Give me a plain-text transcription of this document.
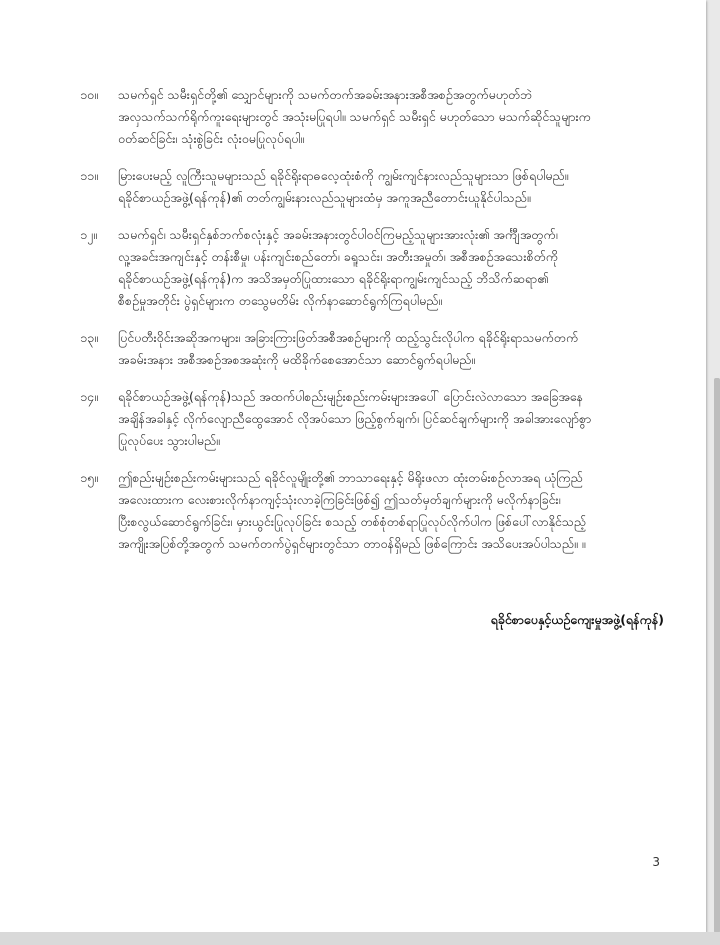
၁၀။	သမက်ရှင် သမီးရှင်တို့၏ သျှောင်များကို သမက်တက်အခမ်းအနားအစီအစဉ်အတွက်မဟုတ်ဘဲ
အလှသက်သက်ရိုက်ကူးရေးများတွင် အသုံးမပြုရပါ။ သမက်ရှင် သမီးရှင် မဟုတ်သော မသက်ဆိုင်သူများက
ဝတ်ဆင်ခြင်း၊ သုံးစွဲခြင်း လုံးဝမပြုလုပ်ရပါ။
၁၁။	မြားပေးမည့် လူကြီးသူမများသည် ရခိုင်ရိုးရာဓလေ့ထုံးစံကို ကျွမ်းကျင်နားလည်သူများသာ ဖြစ်ရပါမည်။
ရခိုင်စာယဉ်အဖွဲ့(ရန်ကုန်)၏ တတ်ကျွမ်းနားလည်သူများထံမှ အကူအညီတောင်းယူနိုင်ပါသည်။
၁၂။	သမက်ရှင်၊ သမီးရှင်နှစ်ဘက်စလုံးနှင့် အခမ်းအနားတွင်ပါဝင်ကြမည့်သူများအားလုံး၏ အင်္ကျီအတွက်၊
လူ့အခင်းအကျင်းနှင့် တန်းစီမှု၊ ပန်းကျင်းစည်တော်၊ ခရူသင်း၊ အတီးအမှုတ်၊ အစီအစဉ်အသေးစိတ်ကို
ရခိုင်စာယဉ်အဖွဲ့(ရန်ကုန်)က အသိအမှတ်ပြုထားသော ရခိုင်ရိုးရာကျွမ်းကျင်သည့် ဘိသိက်ဆရာ၏
စီစဉ်မှုအတိုင်း ပွဲရှင်များက တသွေမတိမ်း လိုက်နာဆောင်ရွက်ကြရပါမည်။
၁၃။	ပြင်ပတီးဝိုင်းအဆိုအကများ၊ အခြားကြားဖြတ်အစီအစဉ်များကို ထည့်သွင်းလိုပါက ရခိုင်ရိုးရာသမက်တက်
အခမ်းအနား အစီအစဉ်အစအဆုံးကို မထိခိုက်စေအောင်သာ ဆောင်ရွက်ရပါမည်။
၁၄။	ရခိုင်စာယဉ်အဖွဲ့(ရန်ကုန်)သည် အထက်ပါစည်းမျဉ်းစည်းကမ်းများအပေါ် ပြောင်းလဲလာသော အခြေအနေ
အချိန်အခါနှင့် လိုက်လျောညီထွေအောင် လိုအပ်သော ဖြည့်စွက်ချက်၊ ပြင်ဆင်ချက်များကို အခါအားလျော်စွာ
ပြုလုပ်ပေး သွားပါမည်။
၁၅။	ဤစည်းမျဉ်းစည်းကမ်းများသည် ရခိုင်လူမျိုးတို့၏ ဘာသာရေးနှင့် မိရိုးဖလာ ထုံးတမ်းစဉ်လာအရ ယုံကြည်
အလေးထားက လေးစားလိုက်နာကျင့်သုံးလာခဲ့ကြခြင်းဖြစ်၍ ဤသတ်မှတ်ချက်များကို မလိုက်နာခြင်း၊
ပြီးစလွယ်ဆောင်ရွက်ခြင်း၊ မှားယွင်းပြုလုပ်ခြင်း စသည့် တစ်စုံတစ်ရာပြုလုပ်လိုက်ပါက ဖြစ်ပေါ်လာနိုင်သည့်
အကျိုးအပြစ်တို့အတွက် သမက်တက်ပွဲရှင်များတွင်သာ တာဝန်ရှိမည် ဖြစ်ကြောင်း အသိပေးအပ်ပါသည်။ ။
ရခိုင်စာပေနှင့်ယဉ်ကျေးမှုအဖွဲ့(ရန်ကုန်)
3
